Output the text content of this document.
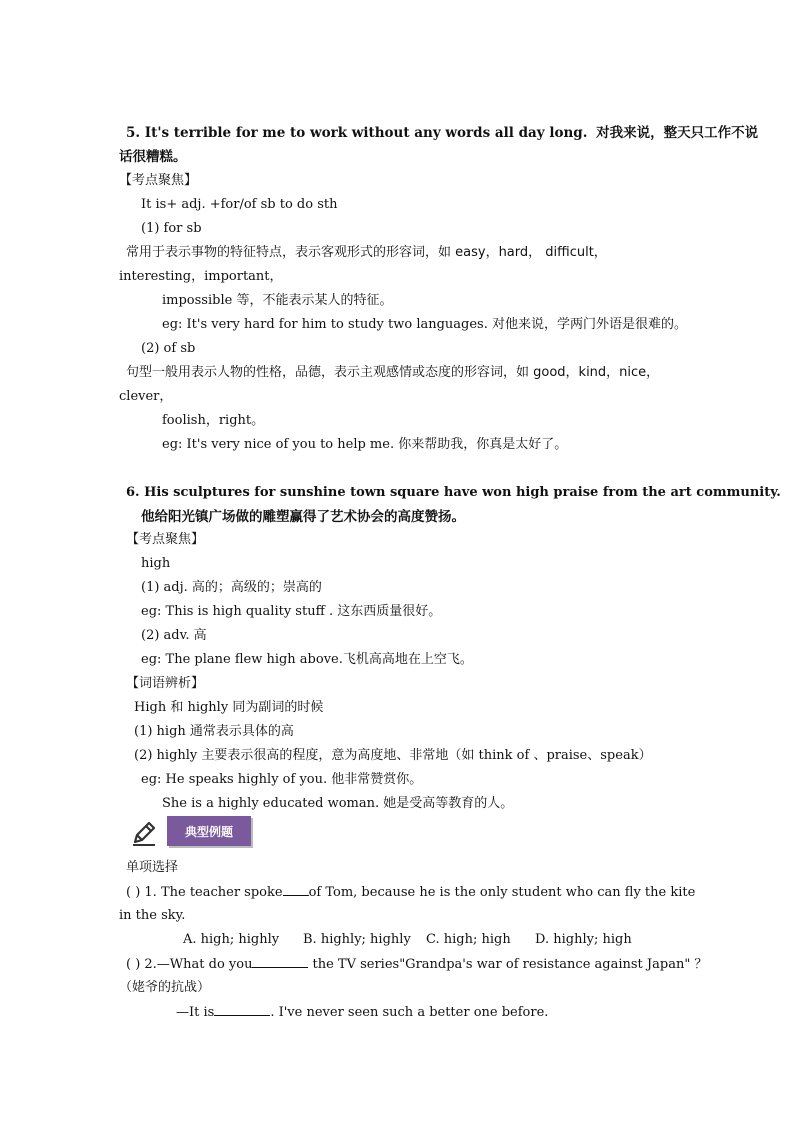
5. It's terrible for me to work without any words all day long. 对我来说，整天只工作不说
话很糟糕。
【考点聚焦】
It is+ adj. +for/of sb to do sth
(1) for sb
常用于表示事物的特征特点，表示客观形式的形容词，如 easy，hard， difficult，
interesting，important，
impossible 等，不能表示某人的特征。
eg: It's very hard for him to study two languages. 对他来说，学两门外语是很难的。
(2) of sb
句型一般用表示人物的性格，品德，表示主观感情或态度的形容词，如 good，kind，nice，
clever，
foolish，right。
eg: It's very nice of you to help me. 你来帮助我，你真是太好了。
6. His sculptures for sunshine town square have won high praise from the art community.
他给阳光镇广场做的雕塑赢得了艺术协会的高度赞扬。
【考点聚焦】
high
(1) adj. 高的；高级的；崇高的
eg: This is high quality stuff . 这东西质量很好。
(2) adv. 高
eg: The plane flew high above.飞机高高地在上空飞。
【词语辨析】
High 和 highly 同为副词的时候
(1) high 通常表示具体的高
(2) highly 主要表示很高的程度，意为高度地、非常地（如 think of 、praise、speak）
eg: He speaks highly of you. 他非常赞赏你。
She is a highly educated woman. 她是受高等教育的人。
典型例题
单项选择
( ) 1. The teacher spoke of Tom, because he is the only student who can fly the kite
in the sky.
A. high; highly B. highly; highly C. high; high D. highly; high
( ) 2.—What do you	the TV series"Grandpa's war of resistance against Japan" ？
（姥爷的抗战）
—It is	. I've never seen such a better one before.
